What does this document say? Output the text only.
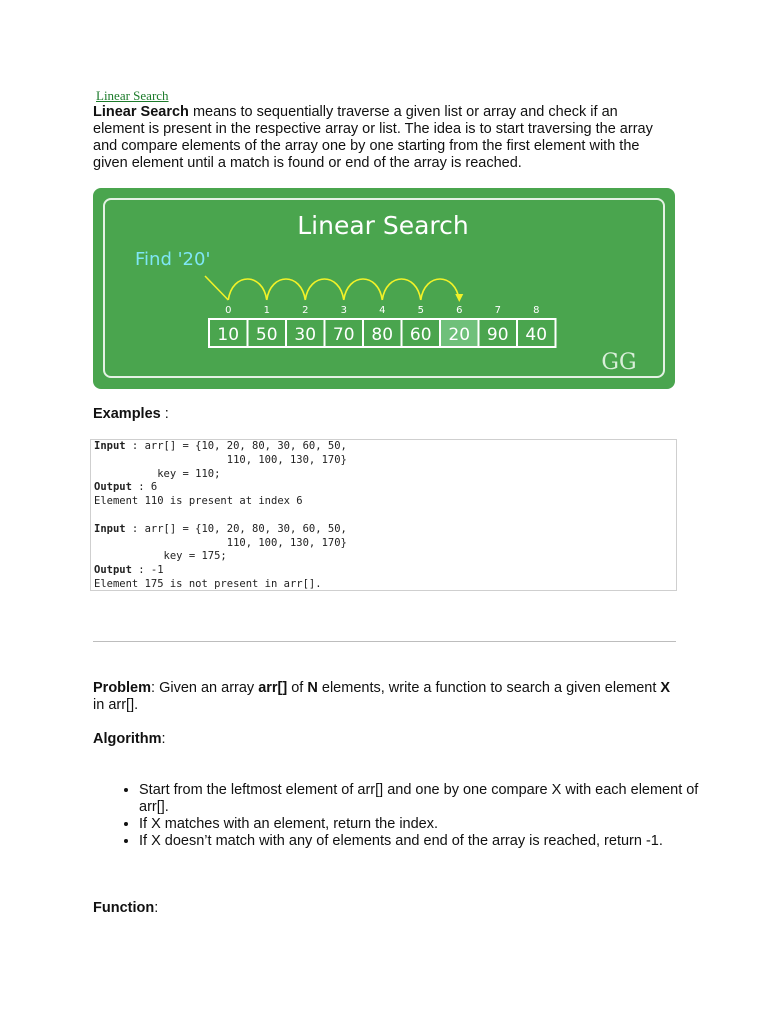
Linear Search

Linear Search means to sequentially traverse a given list or array and check if an element is present in the respective array or list. The idea is to start traversing the array and compare elements of the array one by one starting from the first element with the given element until a match is found or end of the array is reached.

Linear Search
Find '20'
0	1	2	3	4	5	6	7	8
10 50 30 70 80 60 20 90 40
GG

Examples :

Input : arr[] = {10, 20, 80, 30, 60, 50,
110, 100, 130, 170}
key = 110;
Output : 6
Element 110 is present at index 6

Input : arr[] = {10, 20, 80, 30, 60, 50,
110, 100, 130, 170}
key = 175;
Output : -1
Element 175 is not present in arr[].

Problem: Given an array arr[] of N elements, write a function to search a given element X in arr[].

Algorithm:

• Start from the leftmost element of arr[] and one by one compare X with each element of arr[].
• If X matches with an element, return the index.
• If X doesn’t match with any of elements and end of the array is reached, return -1.

Function:
